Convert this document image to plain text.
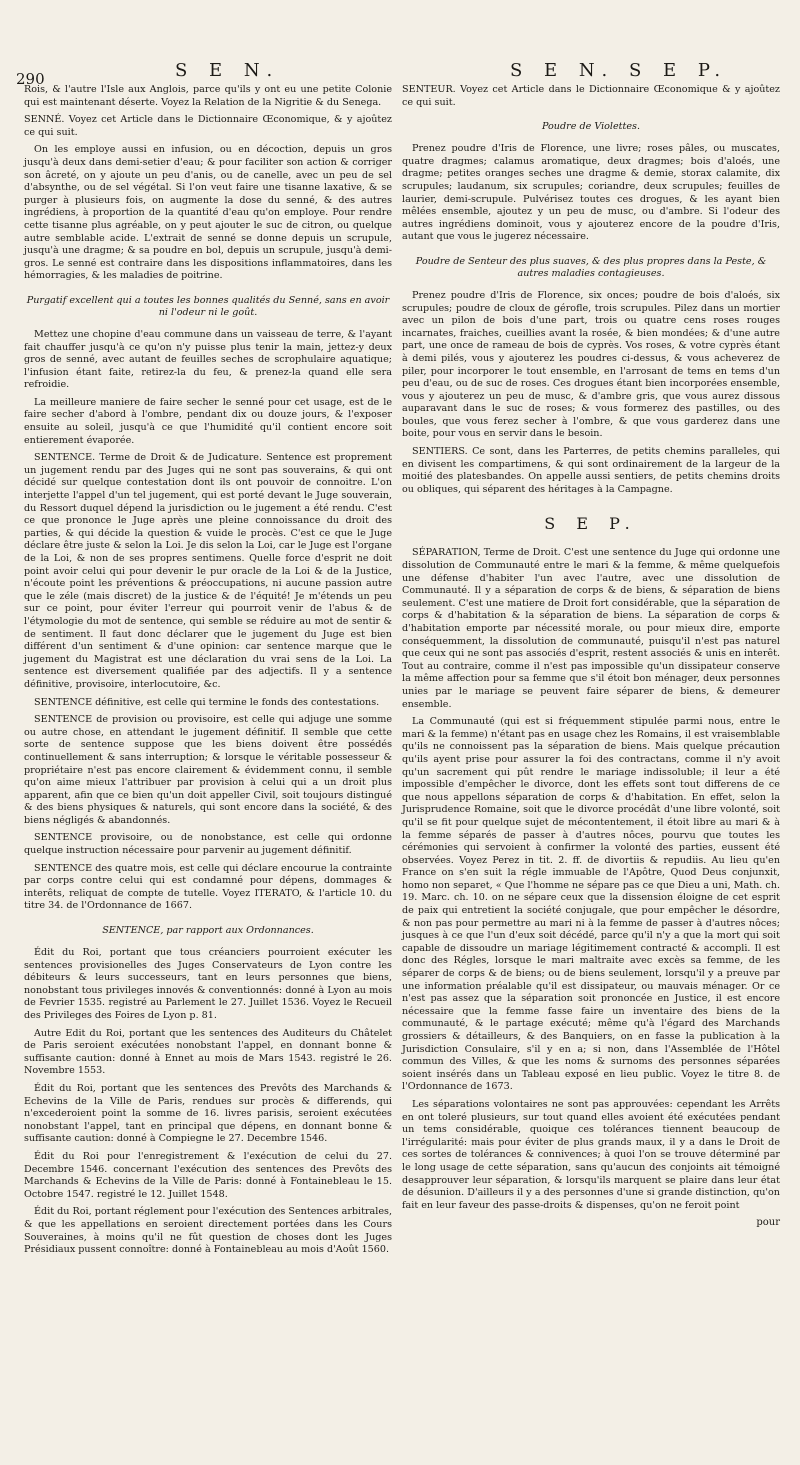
290	S E N.	S E N. S E P.

Rois, & l'autre l'Isle aux Anglois, parce qu'ils y ont eu une petite Colonie qui est maintenant déserte. Voyez la Relation de la Nigritie & du Senega.

SENNÉ. Voyez cet Article dans le Dictionnaire Œconomique, & y ajoûtez ce qui suit.

On les employe aussi en infusion, ou en décoction, depuis un gros jusqu'à deux dans demi-setier d'eau; & pour faciliter son action & corriger son âcreté, on y ajoute un peu d'anis, ou de canelle, avec un peu de sel d'absynthe, ou de sel végétal. Si l'on veut faire une tisanne laxative, & se purger à plusieurs fois, on augmente la dose du senné, & des autres ingrédiens, à proportion de la quantité d'eau qu'on employe. Pour rendre cette tisanne plus agréable, on y peut ajouter le suc de citron, ou quelque autre semblable acide. L'extrait de senné se donne depuis un scrupule, jusqu'à une dragme; & sa poudre en bol, depuis un scrupule, jusqu'à demi-gros. Le senné est contraire dans les dispositions inflammatoires, dans les hémorragies, & les maladies de poitrine.

Purgatif excellent qui a toutes les bonnes qualités du Senné, sans en avoir ni l'odeur ni le goût.

Mettez une chopine d'eau commune dans un vaisseau de terre, & l'ayant fait chauffer jusqu'à ce qu'on n'y puisse plus tenir la main, jettez-y deux gros de senné, avec autant de feuilles seches de scrophulaire aquatique; l'infusion étant faite, retirez-la du feu, & prenez-la quand elle sera refroidie.

La meilleure maniere de faire secher le senné pour cet usage, est de le faire secher d'abord à l'ombre, pendant dix ou douze jours, & l'exposer ensuite au soleil, jusqu'à ce que l'humidité qu'il contient encore soit entierement évaporée.

SENTENCE. Terme de Droit & de Judicature. Sentence est proprement un jugement rendu par des Juges qui ne sont pas souverains, & qui ont décidé sur quelque contestation dont ils ont pouvoir de connoitre. L'on interjette l'appel d'un tel jugement, qui est porté devant le Juge souverain, du Ressort duquel dépend la jurisdiction ou le jugement a été rendu. C'est ce que prononce le Juge après une pleine connoissance du droit des parties, & qui décide la question & vuide le procès. C'est ce que le Juge déclare être juste & selon la Loi. Je dis selon la Loi, car le Juge est l'organe de la Loi, & non de ses propres sentimens. Quelle force d'esprit ne doit point avoir celui qui pour devenir le pur oracle de la Loi & de la Justice, n'écoute point les préventions & préoccupations, ni aucune passion autre que le zéle (mais discret) de la justice & de l'équité! Je m'étends un peu sur ce point, pour éviter l'erreur qui pourroit venir de l'abus & de l'étymologie du mot de sentence, qui semble se réduire au mot de sentir & de sentiment. Il faut donc déclarer que le jugement du Juge est bien différent d'un sentiment & d'une opinion: car sentence marque que le jugement du Magistrat est une déclaration du vrai sens de la Loi. La sentence est diversement qualifiée par des adjectifs. Il y a sentence définitive, provisoire, interlocutoire, &c.

SENTENCE définitive, est celle qui termine le fonds des contestations.

SENTENCE de provision ou provisoire, est celle qui adjuge une somme ou autre chose, en attendant le jugement définitif. Il semble que cette sorte de sentence suppose que les biens doivent être possédés continuellement & sans interruption; & lorsque le véritable possesseur & propriétaire n'est pas encore clairement & évidemment connu, il semble qu'on aime mieux l'attribuer par provision à celui qui a un droit plus apparent, afin que ce bien qu'un doit appeller Civil, soit toujours distingué & des biens physiques & naturels, qui sont encore dans la société, & des biens négligés & abandonnés.

SENTENCE provisoire, ou de nonobstance, est celle qui ordonne quelque instruction nécessaire pour parvenir au jugement définitif.

SENTENCE des quatre mois, est celle qui déclare encourue la contrainte par corps contre celui qui est condamné pour dépens, dommages & interêts, reliquat de compte de tutelle. Voyez ITERATO, & l'article 10. du titre 34. de l'Ordonnance de 1667.

SENTENCE, par rapport aux Ordonnances.

Édit du Roi, portant que tous créanciers pourroient exécuter les sentences provisionelles des Juges Conservateurs de Lyon contre les débiteurs & leurs successeurs, tant en leurs personnes que biens, nonobstant tous privileges innovés & conventionnés: donné à Lyon au mois de Fevrier 1535. registré au Parlement le 27. Juillet 1536. Voyez le Recueil des Privileges des Foires de Lyon p. 81.

Autre Edit du Roi, portant que les sentences des Auditeurs du Châtelet de Paris seroient exécutées nonobstant l'appel, en donnant bonne & suffisante caution: donné à Ennet au mois de Mars 1543. registré le 26. Novembre 1553.

Édit du Roi, portant que les sentences des Prevôts des Marchands & Echevins de la Ville de Paris, rendues sur procès & differends, qui n'excederoient point la somme de 16. livres parisis, seroient exécutées nonobstant l'appel, tant en principal que dépens, en donnant bonne & suffisante caution: donné à Compiegne le 27. Decembre 1546.

Édit du Roi pour l'enregistrement & l'exécution de celui du 27. Decembre 1546. concernant l'exécution des sentences des Prevôts des Marchands & Echevins de la Ville de Paris: donné à Fontainebleau le 15. Octobre 1547. registré le 12. Juillet 1548.

Édit du Roi, portant réglement pour l'exécution des Sentences arbitrales, & que les appellations en seroient directement portées dans les Cours Souveraines, à moins qu'il ne fût question de choses dont les Juges Présidiaux pussent connoître: donné à Fontainebleau au mois d'Août 1560.

SENTEUR. Voyez cet Article dans le Dictionnaire Œconomique & y ajoûtez ce qui suit.

Poudre de Violettes.

Prenez poudre d'Iris de Florence, une livre; roses pâles, ou muscates, quatre dragmes; calamus aromatique, deux dragmes; bois d'aloés, une dragme; petites oranges seches une dragme & demie, storax calamite, dix scrupules; laudanum, six scrupules; coriandre, deux scrupules; feuilles de laurier, demi-scrupule. Pulvérisez toutes ces drogues, & les ayant bien mêlées ensemble, ajoutez y un peu de musc, ou d'ambre. Si l'odeur des autres ingrédiens dominoit, vous y ajouterez encore de la poudre d'Iris, autant que vous le jugerez nécessaire.

Poudre de Senteur des plus suaves, & des plus propres dans la Peste, & autres maladies contagieuses.

Prenez poudre d'Iris de Florence, six onces; poudre de bois d'aloés, six scrupules; poudre de cloux de gérofle, trois scrupules. Pilez dans un mortier avec un pilon de bois d'une part, trois ou quatre cens roses rouges incarnates, fraiches, cueillies avant la rosée, & bien mondées; & d'une autre part, une once de rameau de bois de cyprès. Vos roses, & votre cyprès étant à demi pilés, vous y ajouterez les poudres ci-dessus, & vous acheverez de piler, pour incorporer le tout ensemble, en l'arrosant de tems en tems d'un peu d'eau, ou de suc de roses. Ces drogues étant bien incorporées ensemble, vous y ajouterez un peu de musc, & d'ambre gris, que vous aurez dissous auparavant dans le suc de roses; & vous formerez des pastilles, ou des boules, que vous ferez secher à l'ombre, & que vous garderez dans une boite, pour vous en servir dans le besoin.

SENTIERS. Ce sont, dans les Parterres, de petits chemins paralleles, qui en divisent les compartimens, & qui sont ordinairement de la largeur de la moitié des platesbandes. On appelle aussi sentiers, de petits chemins droits ou obliques, qui séparent des héritages à la Campagne.

S E P.

SÉPARATION, Terme de Droit. C'est une sentence du Juge qui ordonne une dissolution de Communauté entre le mari & la femme, & même quelquefois une défense d'habiter l'un avec l'autre, avec une dissolution de Communauté. Il y a séparation de corps & de biens, & séparation de biens seulement. C'est une matiere de Droit fort considérable, que la séparation de corps & d'habitation & la séparation de biens. La séparation de corps & d'habitation emporte par nécessité morale, ou pour mieux dire, emporte conséquemment, la dissolution de communauté, puisqu'il n'est pas naturel que ceux qui ne sont pas associés d'esprit, restent associés & unis en interêt. Tout au contraire, comme il n'est pas impossible qu'un dissipateur conserve la même affection pour sa femme que s'il étoit bon ménager, deux personnes unies par le mariage se peuvent faire séparer de biens, & demeurer ensemble.

La Communauté (qui est si fréquemment stipulée parmi nous, entre le mari & la femme) n'étant pas en usage chez les Romains, il est vraisemblable qu'ils ne connoissent pas la séparation de biens. Mais quelque précaution qu'ils ayent prise pour assurer la foi des contractans, comme il n'y avoit qu'un sacrement qui pût rendre le mariage indissoluble; il leur a été impossible d'empêcher le divorce, dont les effets sont tout differens de ce que nous appellons séparation de corps & d'habitation. En effet, selon la Jurisprudence Romaine, soit que le divorce procédât d'une libre volonté, soit qu'il se fit pour quelque sujet de mécontentement, il étoit libre au mari & à la femme séparés de passer à d'autres nôces, pourvu que toutes les cérémonies qui servoient à confirmer la volonté des parties, eussent été observées. Voyez Perez in tit. 2. ff. de divortiis & repudiis. Au lieu qu'en France on s'en suit la régle immuable de l'Apôtre, Quod Deus conjunxit, homo non separet, « Que l'homme ne sépare pas ce que Dieu a uni, Math. ch. 19. Marc. ch. 10. on ne sépare ceux que la dissension éloigne de cet esprit de paix qui entretient la société conjugale, que pour empêcher le désordre, & non pas pour permettre au mari ni à la femme de passer à d'autres nôces; jusques à ce que l'un d'eux soit décédé, parce qu'il n'y a que la mort qui soit capable de dissoudre un mariage légitimement contracté & accompli. Il est donc des Régles, lorsque le mari maltraite avec excès sa femme, de les séparer de corps & de biens; ou de biens seulement, lorsqu'il y a preuve par une information préalable qu'il est dissipateur, ou mauvais ménager. Or ce n'est pas assez que la séparation soit prononcée en Justice, il est encore nécessaire que la femme fasse faire un inventaire des biens de la communauté, & le partage exécuté; même qu'à l'égard des Marchands grossiers & détailleurs, & des Banquiers, on en fasse la publication à la Jurisdiction Consulaire, s'il y en a; si non, dans l'Assemblée de l'Hôtel commun des Villes, & que les noms & surnoms des personnes séparées soient insérés dans un Tableau exposé en lieu public. Voyez le titre 8. de l'Ordonnance de 1673.

Les séparations volontaires ne sont pas approuvées: cependant les Arrêts en ont toleré plusieurs, sur tout quand elles avoient été exécutées pendant un tems considérable, quoique ces tolérances tiennent beaucoup de l'irrégularité: mais pour éviter de plus grands maux, il y a dans le Droit de ces sortes de tolérances & connivences; à quoi l'on se trouve déterminé par le long usage de cette séparation, sans qu'aucun des conjoints ait témoigné desapprouver leur séparation, & lorsqu'ils marquent se plaire dans leur état de désunion. D'ailleurs il y a des personnes d'une si grande distinction, qu'on fait en leur faveur des passe-droits & dispenses, qu'on ne feroit point

pour
